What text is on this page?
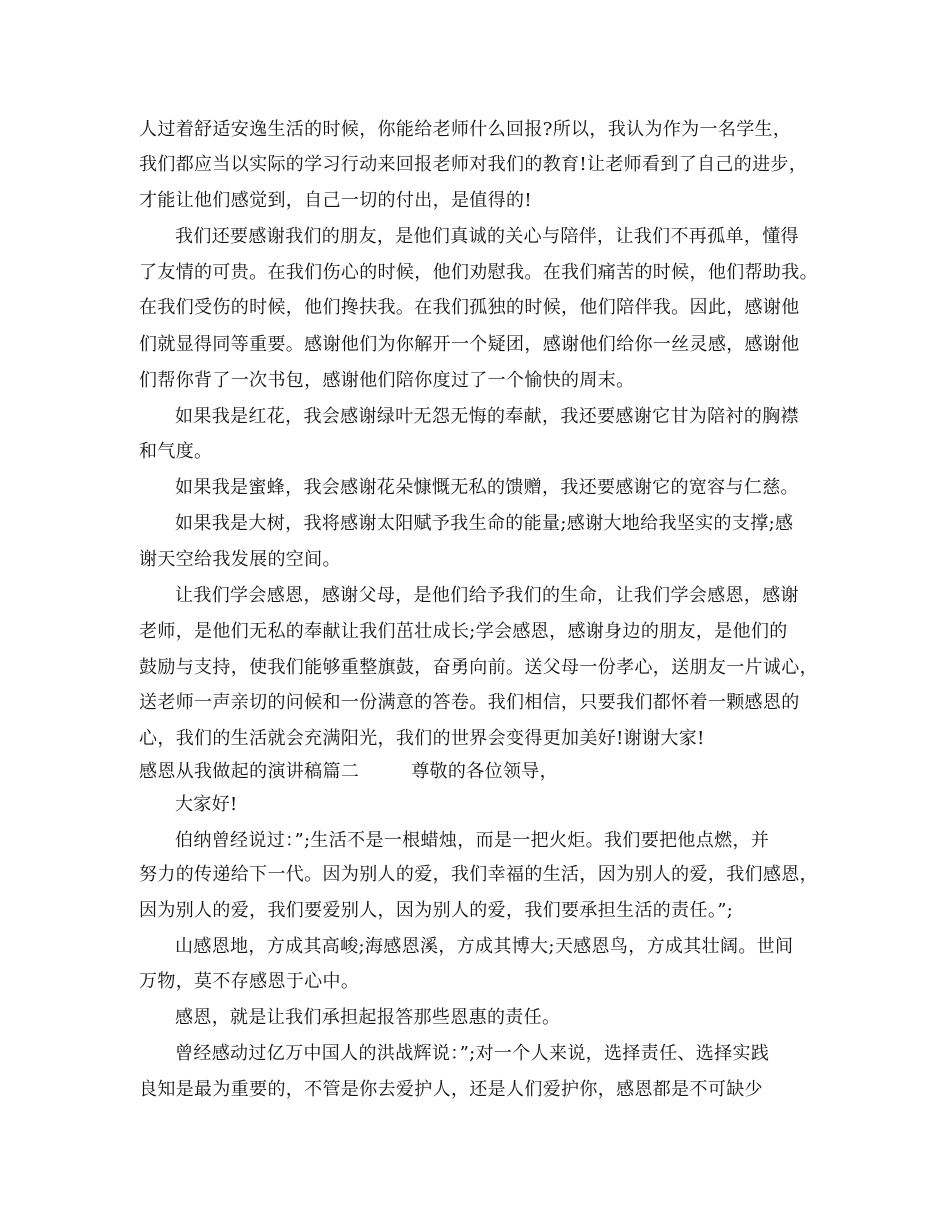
人过着舒适安逸生活的时候，你能给老师什么回报?所以，我认为作为一名学生，
我们都应当以实际的学习行动来回报老师对我们的教育!让老师看到了自己的进步，
才能让他们感觉到，自己一切的付出，是值得的!
我们还要感谢我们的朋友，是他们真诚的关心与陪伴，让我们不再孤单，懂得
了友情的可贵。在我们伤心的时候，他们劝慰我。在我们痛苦的时候，他们帮助我。
在我们受伤的时候，他们搀扶我。在我们孤独的时候，他们陪伴我。因此，感谢他
们就显得同等重要。感谢他们为你解开一个疑团，感谢他们给你一丝灵感，感谢他
们帮你背了一次书包，感谢他们陪你度过了一个愉快的周末。
如果我是红花，我会感谢绿叶无怨无悔的奉献，我还要感谢它甘为陪衬的胸襟
和气度。
如果我是蜜蜂，我会感谢花朵慷慨无私的馈赠，我还要感谢它的宽容与仁慈。
如果我是大树，我将感谢太阳赋予我生命的能量;感谢大地给我坚实的支撑;感
谢天空给我发展的空间。
让我们学会感恩，感谢父母，是他们给予我们的生命，让我们学会感恩，感谢
老师，是他们无私的奉献让我们茁壮成长;学会感恩，感谢身边的朋友，是他们的
鼓励与支持，使我们能够重整旗鼓，奋勇向前。送父母一份孝心，送朋友一片诚心，
送老师一声亲切的问候和一份满意的答卷。我们相信，只要我们都怀着一颗感恩的
心，我们的生活就会充满阳光，我们的世界会变得更加美好!谢谢大家!
感恩从我做起的演讲稿篇二	尊敬的各位领导，
大家好!
伯纳曾经说过：”;生活不是一根蜡烛，而是一把火炬。我们要把他点燃，并
努力的传递给下一代。因为别人的爱，我们幸福的生活，因为别人的爱，我们感恩，
因为别人的爱，我们要爱别人，因为别人的爱，我们要承担生活的责任。”;
山感恩地，方成其高峻;海感恩溪，方成其博大;天感恩鸟，方成其壮阔。世间
万物，莫不存感恩于心中。
感恩，就是让我们承担起报答那些恩惠的责任。
曾经感动过亿万中国人的洪战辉说：”;对一个人来说，选择责任、选择实践
良知是最为重要的，不管是你去爱护人，还是人们爱护你，感恩都是不可缺少
